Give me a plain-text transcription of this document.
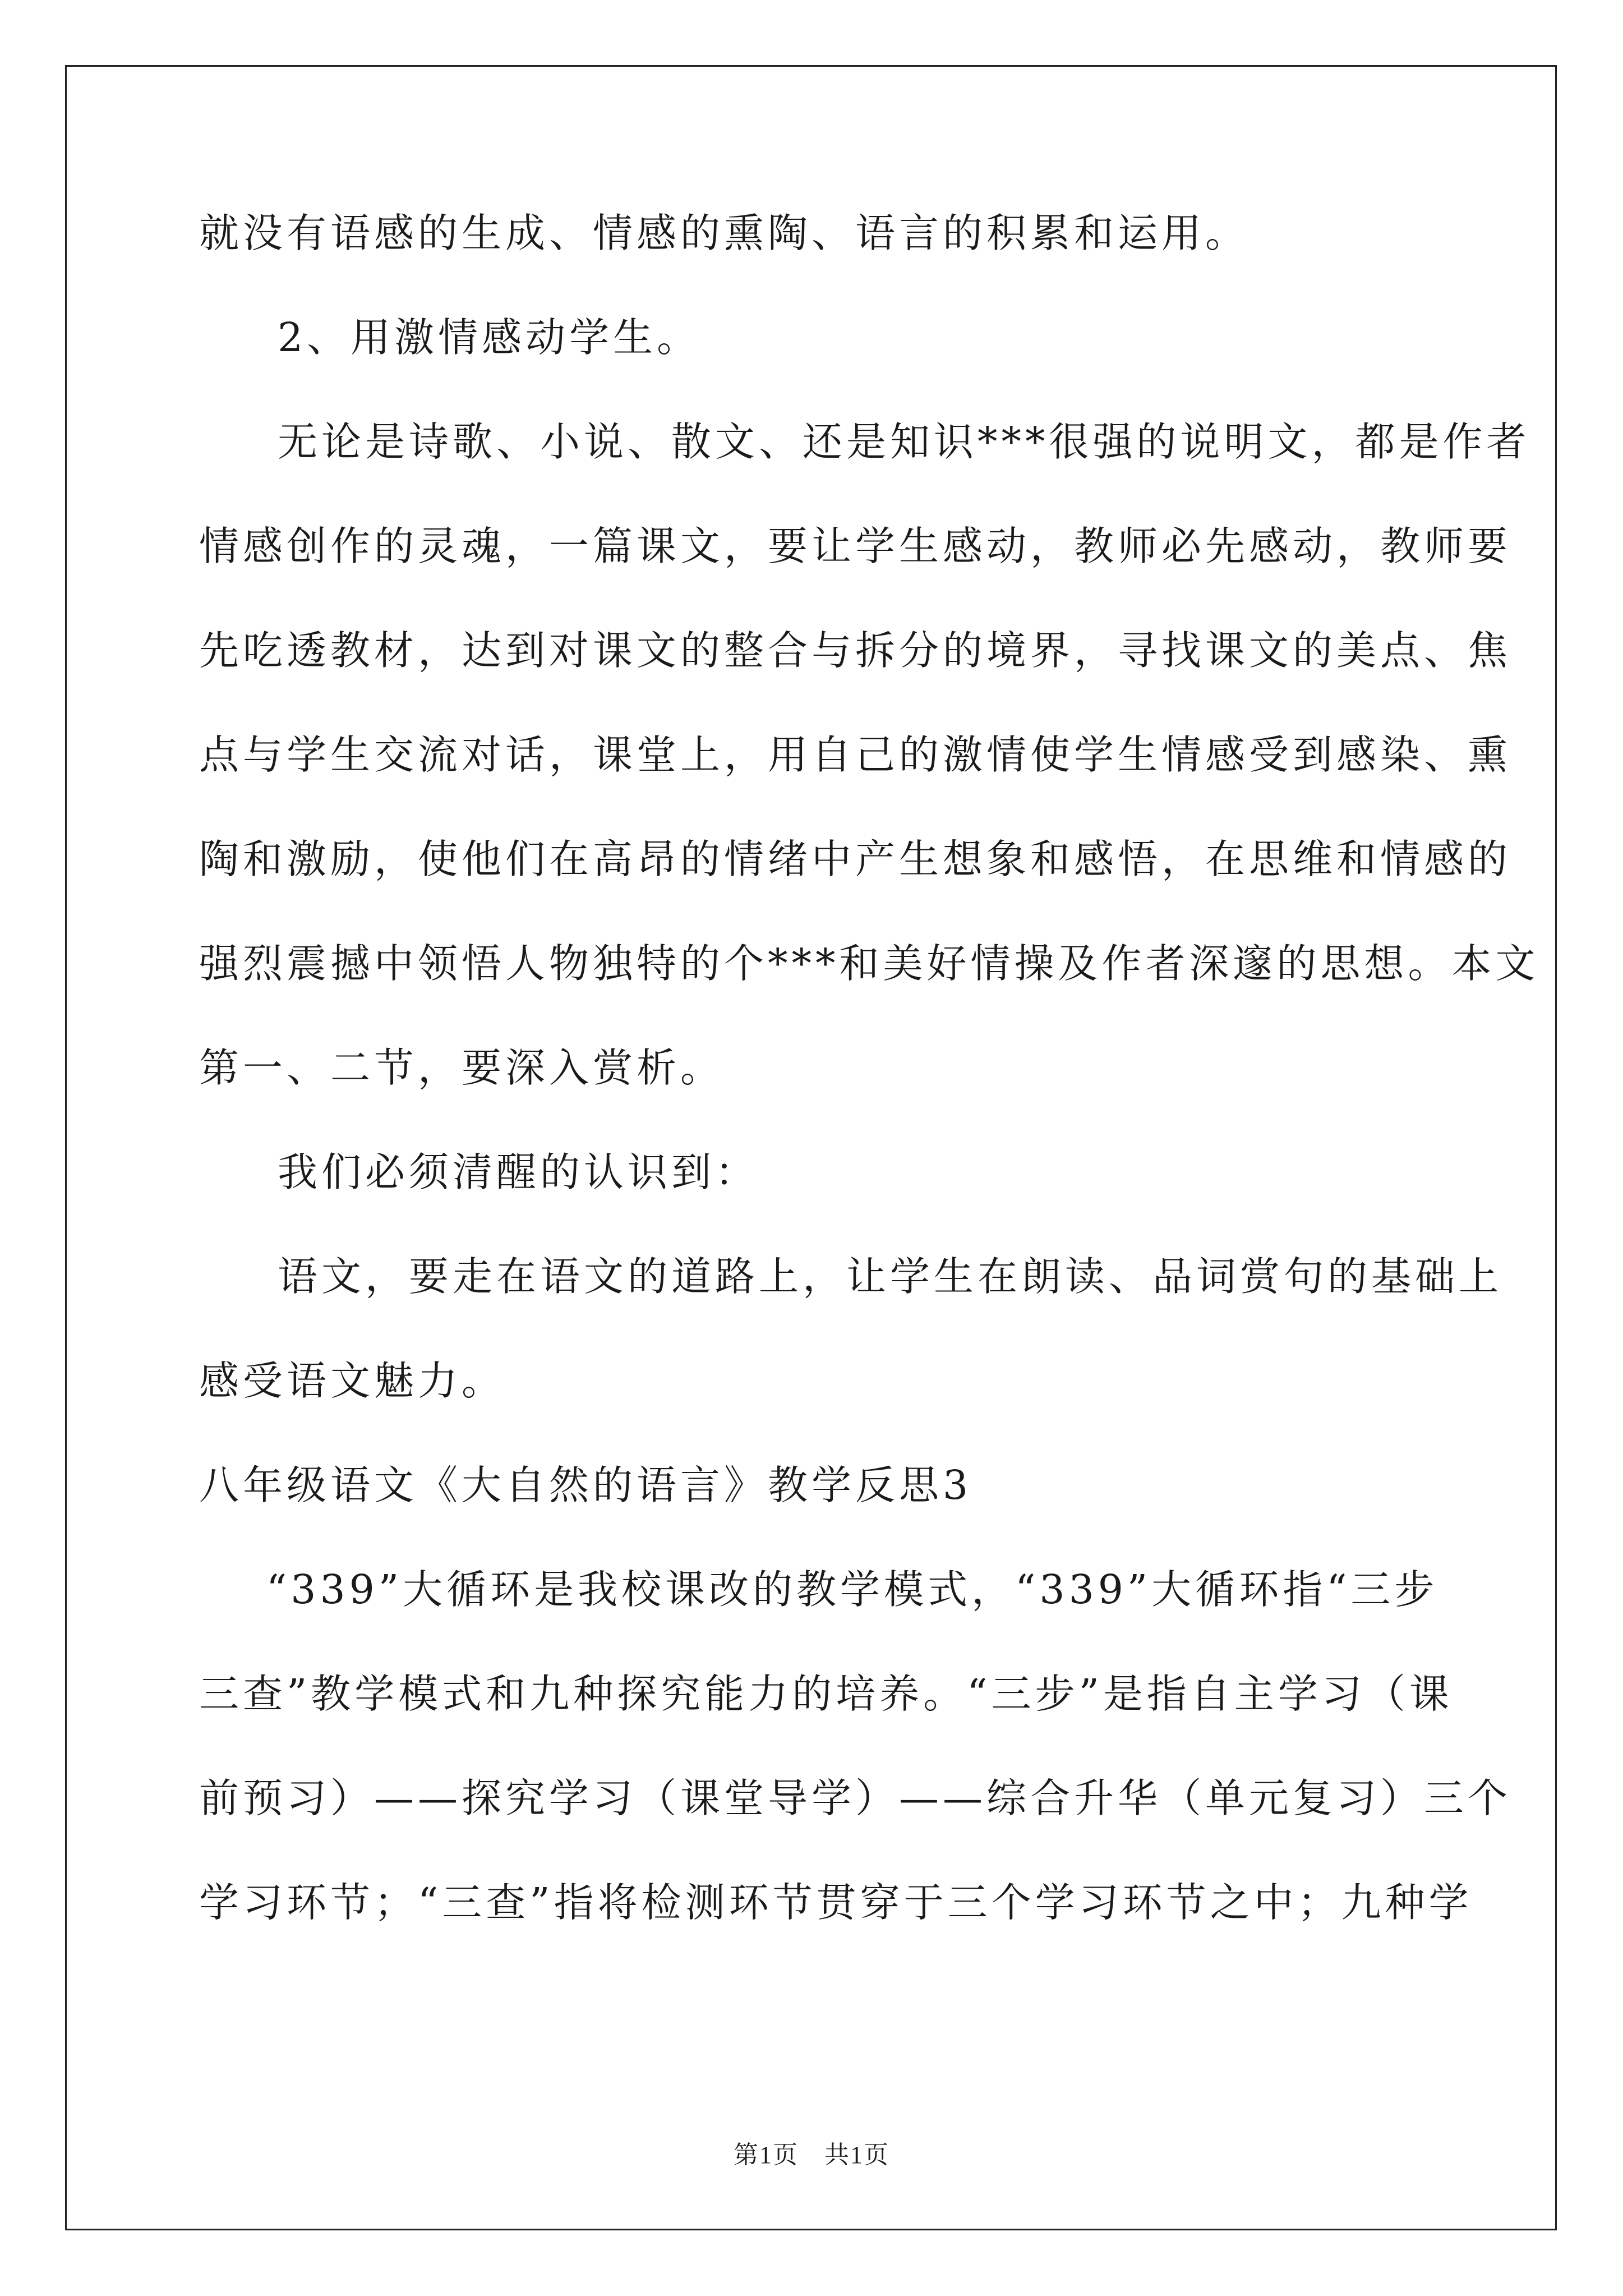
就没有语感的生成、情感的熏陶、语言的积累和运用。
2、用激情感动学生。
无论是诗歌、小说、散文、还是知识***很强的说明文，都是作者
情感创作的灵魂，一篇课文，要让学生感动，教师必先感动，教师要
先吃透教材，达到对课文的整合与拆分的境界，寻找课文的美点、焦
点与学生交流对话，课堂上，用自己的激情使学生情感受到感染、熏
陶和激励，使他们在高昂的情绪中产生想象和感悟，在思维和情感的
强烈震撼中领悟人物独特的个***和美好情操及作者深邃的思想。本文
第一、二节，要深入赏析。
我们必须清醒的认识到：
语文，要走在语文的道路上，让学生在朗读、品词赏句的基础上
感受语文魅力。
八年级语文《大自然的语言》教学反思3
“339”大循环是我校课改的教学模式，“339”大循环指“三步
三查”教学模式和九种探究能力的培养。“三步”是指自主学习（课
前预习）——探究学习（课堂导学）——综合升华（单元复习）三个
学习环节；“三查”指将检测环节贯穿于三个学习环节之中；九种学
第1页　共1页
